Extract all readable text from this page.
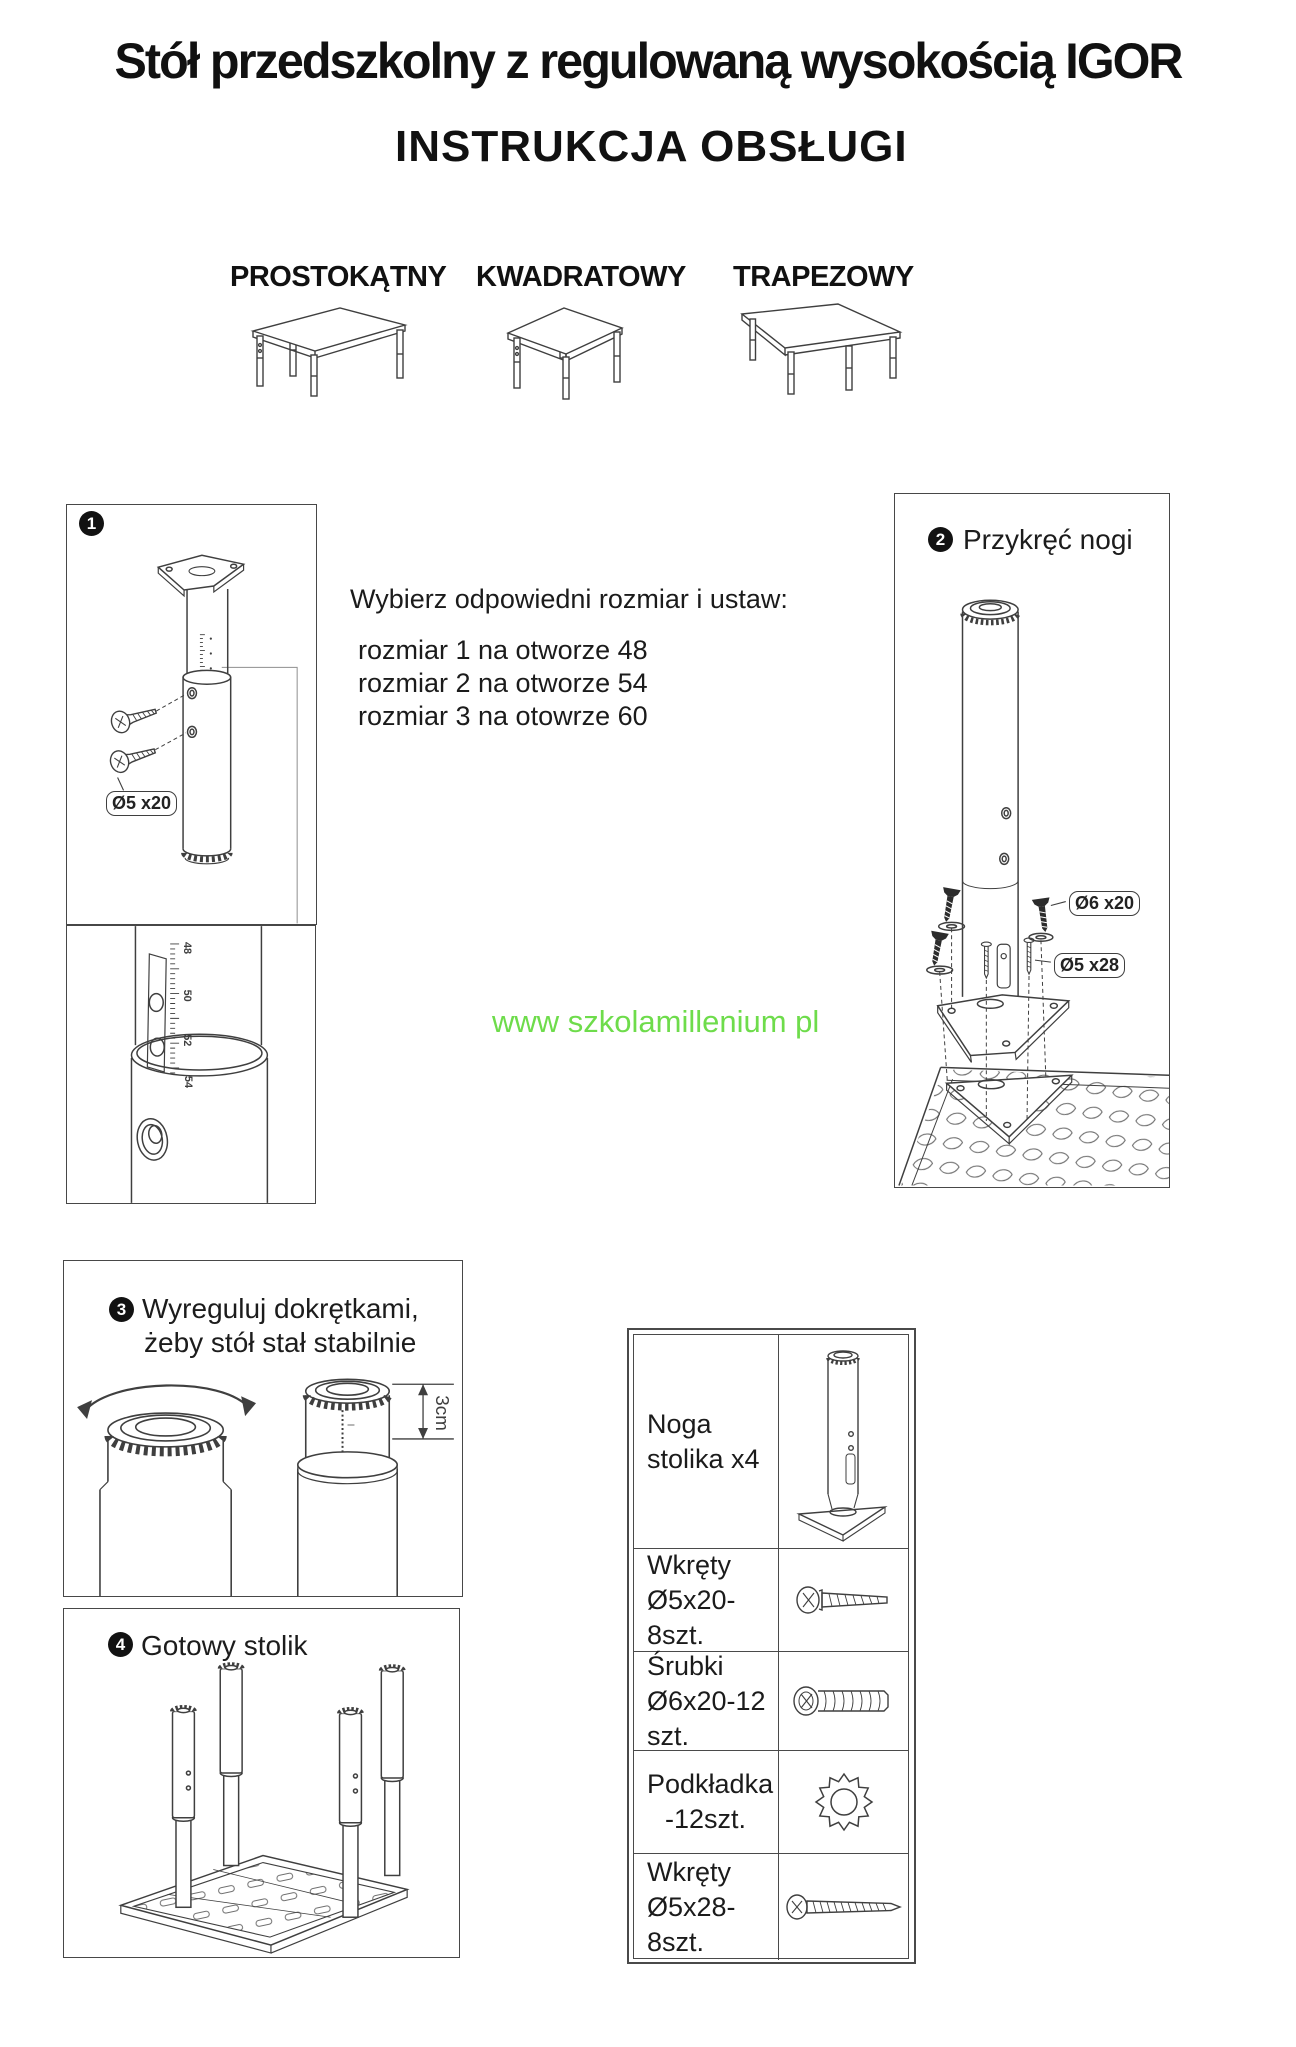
Stół przedszkolny z regulowaną wysokością IGOR
INSTRUKCJA OBSŁUGI
PROSTOKĄTNY KWADRATOWY TRAPEZOWY
1
Ø5 x20
48
50
52
54
Wybierz odpowiedni rozmiar i ustaw:
rozmiar 1 na otworze 48
rozmiar 2 na otworze 54
rozmiar 3 na otowrze 60
www szkolamillenium pl
2 Przykręć nogi
Ø6 x20
Ø5 x28
3cm
3 Wyreguluj dokrętkami,
żeby stół stał stabilnie
4 Gotowy stolik
Noga
stolika x4
Wkręty
Ø5x20-8szt.
Śrubki
Ø6x20-12 szt.
Podkładka
-12szt.
Wkręty
Ø5x28-8szt.
